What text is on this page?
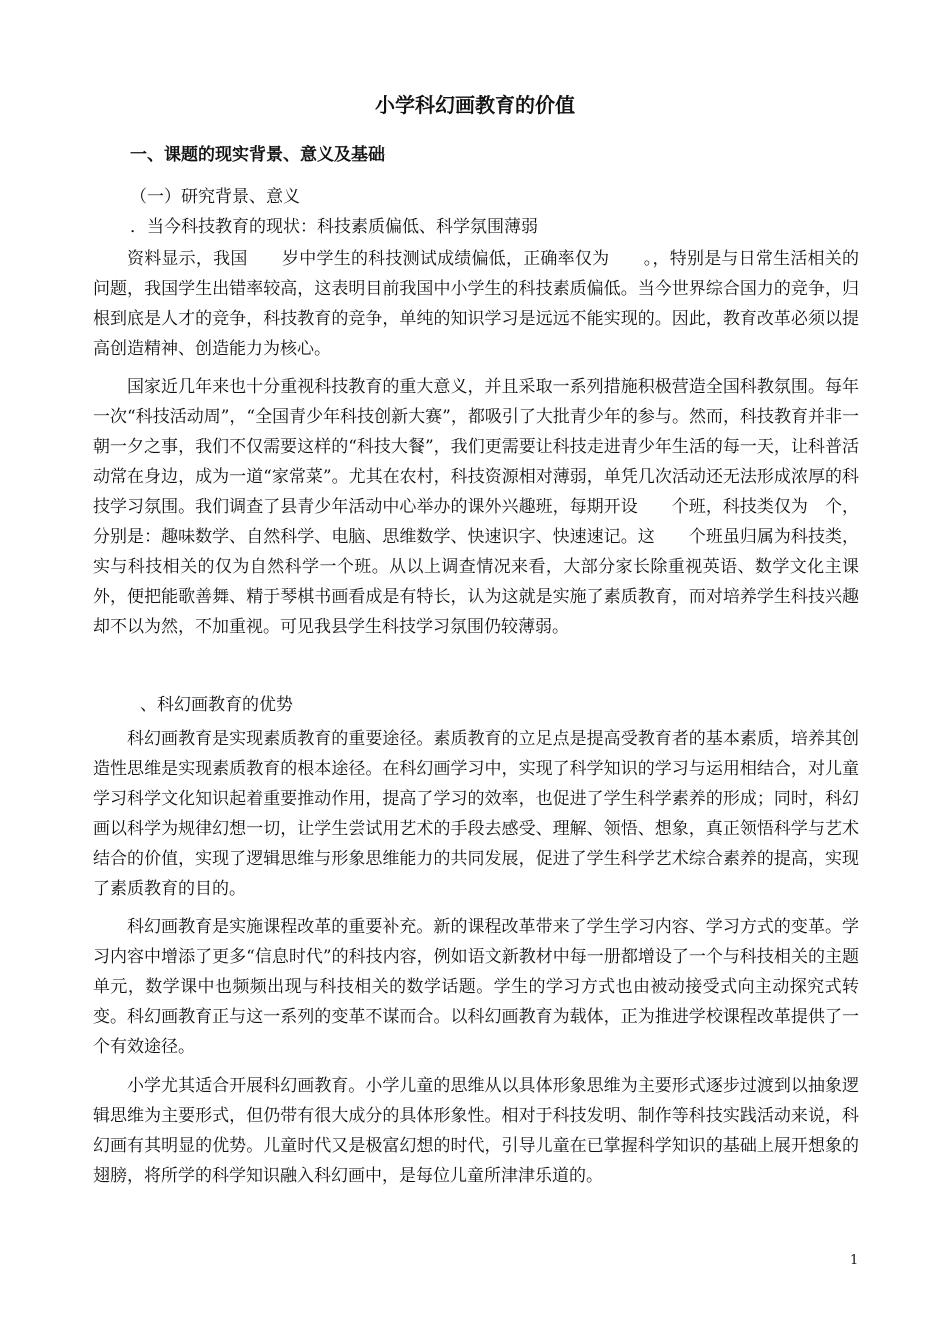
小学科幻画教育的价值
一、课题的现实背景、意义及基础
（一）研究背景、意义
．当今科技教育的现状：科技素质偏低、科学氛围薄弱

资料显示，我国　　岁中学生的科技测试成绩偏低，正确率仅为　　。，特别是与日常生活相关的问题，我国学生出错率较高，这表明目前我国中小学生的科技素质偏低。当今世界综合国力的竞争，归根到底是人才的竞争，科技教育的竞争，单纯的知识学习是远远不能实现的。因此，教育改革必须以提高创造精神、创造能力为核心。

国家近几年来也十分重视科技教育的重大意义，并且采取一系列措施积极营造全国科教氛围。每年一次“科技活动周”，“全国青少年科技创新大赛”，都吸引了大批青少年的参与。然而，科技教育并非一朝一夕之事，我们不仅需要这样的“科技大餐”，我们更需要让科技走进青少年生活的每一天，让科普活动常在身边，成为一道“家常菜”。尤其在农村，科技资源相对薄弱，单凭几次活动还无法形成浓厚的科技学习氛围。我们调查了县青少年活动中心举办的课外兴趣班，每期开设　　个班，科技类仅为　个，分别是：趣味数学、自然科学、电脑、思维数学、快速识字、快速速记。这　　个班虽归属为科技类，实与科技相关的仅为自然科学一个班。从以上调查情况来看，大部分家长除重视英语、数学文化主课外，便把能歌善舞、精于琴棋书画看成是有特长，认为这就是实施了素质教育，而对培养学生科技兴趣却不以为然，不加重视。可见我县学生科技学习氛围仍较薄弱。

、科幻画教育的优势

科幻画教育是实现素质教育的重要途径。素质教育的立足点是提高受教育者的基本素质，培养其创造性思维是实现素质教育的根本途径。在科幻画学习中，实现了科学知识的学习与运用相结合，对儿童学习科学文化知识起着重要推动作用，提高了学习的效率，也促进了学生科学素养的形成；同时，科幻画以科学为规律幻想一切，让学生尝试用艺术的手段去感受、理解、领悟、想象，真正领悟科学与艺术结合的价值，实现了逻辑思维与形象思维能力的共同发展，促进了学生科学艺术综合素养的提高，实现了素质教育的目的。

科幻画教育是实施课程改革的重要补充。新的课程改革带来了学生学习内容、学习方式的变革。学习内容中增添了更多“信息时代”的科技内容，例如语文新教材中每一册都增设了一个与科技相关的主题单元，数学课中也频频出现与科技相关的数学话题。学生的学习方式也由被动接受式向主动探究式转变。科幻画教育正与这一系列的变革不谋而合。以科幻画教育为载体，正为推进学校课程改革提供了一个有效途径。

小学尤其适合开展科幻画教育。小学儿童的思维从以具体形象思维为主要形式逐步过渡到以抽象逻辑思维为主要形式，但仍带有很大成分的具体形象性。相对于科技发明、制作等科技实践活动来说，科幻画有其明显的优势。儿童时代又是极富幻想的时代，引导儿童在已掌握科学知识的基础上展开想象的翅膀，将所学的科学知识融入科幻画中，是每位儿童所津津乐道的。

1
